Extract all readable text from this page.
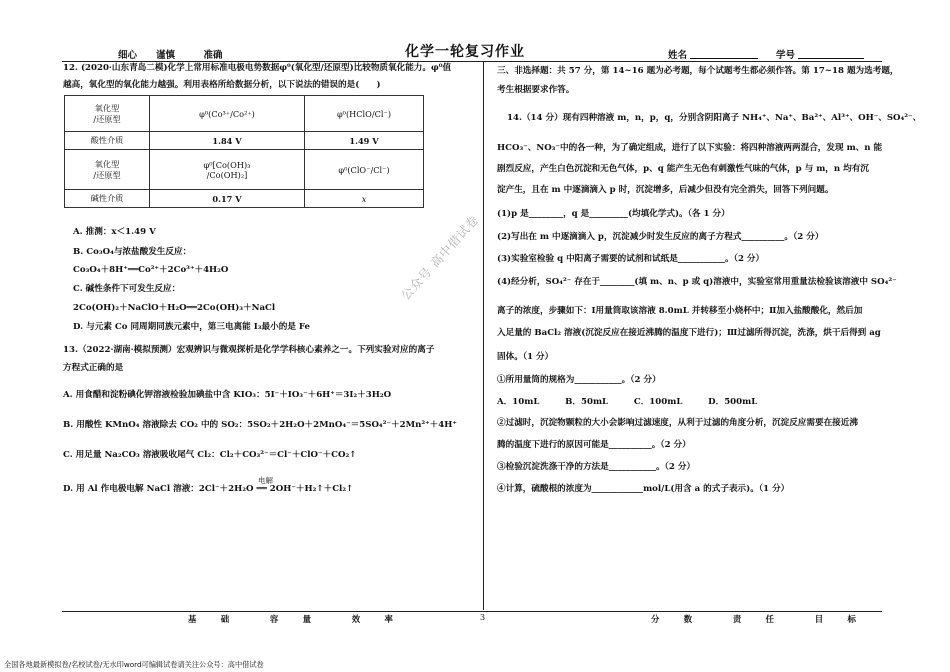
细心　　谨慎　　　准确	化学一轮复习作业	姓名	学号
12. (2020·山东青岛二模)化学上常用标准电极电势数据φ⁰(氧化型/还原型)比较物质氧化能力。φ⁰值
越高，氧化型的氧化能力越强。利用表格所给数据分析，以下说法的错误的是(　　)
氧化型
/还原型	φ⁰(Co³⁺/Co²⁺)	φ⁰(HClO/Cl⁻)
酸性介质	1.84 V	1.49 V
氧化型
/还原型	φ⁰[Co(OH)₃
/Co(OH)₂]	φ⁰(ClO⁻/Cl⁻)
碱性介质	0.17 V	x
A. 推测：x＜1.49 V
B. Co₃O₄与浓盐酸发生反应：
Co₃O₄＋8H⁺══Co²⁺＋2Co³⁺＋4H₂O
C. 碱性条件下可发生反应：
2Co(OH)₂＋NaClO＋H₂O══2Co(OH)₃＋NaCl
D. 与元素 Co 同周期同族元素中，第三电离能 I₃最小的是 Fe
13.（2022·湖南·模拟预测）宏观辨识与微观探析是化学学科核心素养之一。下列实验对应的离子
方程式正确的是
A. 用食醋和淀粉碘化钾溶液检验加碘盐中含 KIO₃：5I⁻＋IO₃⁻＋6H⁺＝3I₂＋3H₂O
B. 用酸性 KMnO₄ 溶液除去 CO₂ 中的 SO₂：5SO₂＋2H₂O＋2MnO₄⁻＝5SO₄²⁻＋2Mn²⁺＋4H⁺
C. 用足量 Na₂CO₃ 溶液吸收尾气 Cl₂：Cl₂＋CO₃²⁻＝Cl⁻＋ClO⁻＋CO₂↑
电解
D. 用 Al 作电极电解 NaCl 溶液：2Cl⁻＋2H₂O ══ 2OH⁻＋H₂↑＋Cl₂↑
三、非选择题：共 57 分，第 14~16 题为必考题，每个试题考生都必须作答。第 17~18 题为选考题，
考生根据要求作答。
14.（14 分）现有四种溶液 m，n，p，q，分别含阴阳离子 NH₄⁺、Na⁺、Ba²⁺、Al³⁺、OH⁻、SO₄²⁻、
HCO₃⁻、NO₃⁻中的各一种，为了确定组成，进行了以下实验：将四种溶液两两混合，发现 m、n 能
剧烈反应，产生白色沉淀和无色气体，p、q 能产生无色有刺激性气味的气体，p 与 m，n 均有沉
淀产生，且在 m 中逐滴滴入 p 时，沉淀增多，后减少但没有完全消失，回答下列问题。
(1)p 是________，q 是_________(均填化学式)。（各 1 分）
(2)写出在 m 中逐滴滴入 p，沉淀减少时发生反应的离子方程式__________。（2 分）
(3)实验室检验 q 中阳离子需要的试剂和试纸是___________。（2 分）
(4)经分析，SO₄²⁻ 存在于________(填 m、n、p 或 q)溶液中，实验室常用重量法检验该溶液中 SO₄²⁻
离子的浓度，步骤如下：Ⅰ用量筒取该溶液 8.0mL 并转移至小烧杯中；Ⅱ加入盐酸酸化，然后加
入足量的 BaCl₂ 溶液(沉淀反应在接近沸腾的温度下进行)；Ⅲ过滤所得沉淀，洗涤，烘干后得到 ag
固体。（1 分）
①所用量筒的规格为___________。（2 分）
A．10mL　　　B．50mL　　　C．100mL　　　D．500mL
②过滤时，沉淀物颗粒的大小会影响过滤速度，从利于过滤的角度分析，沉淀反应需要在接近沸
腾的温度下进行的原因可能是__________。（2 分）
③检验沉淀洗涤干净的方法是___________。（2 分）
④计算，硫酸根的浓度为____________mol/L(用含 a 的式子表示)。（1 分）
公众号 高中借试卷
基　础　　容　量　　效　率	3	分　数　　责　任　　目　标
全国各地最新模拟卷/名校试卷/无水印word可编辑试卷请关注公众号：高中借试卷
